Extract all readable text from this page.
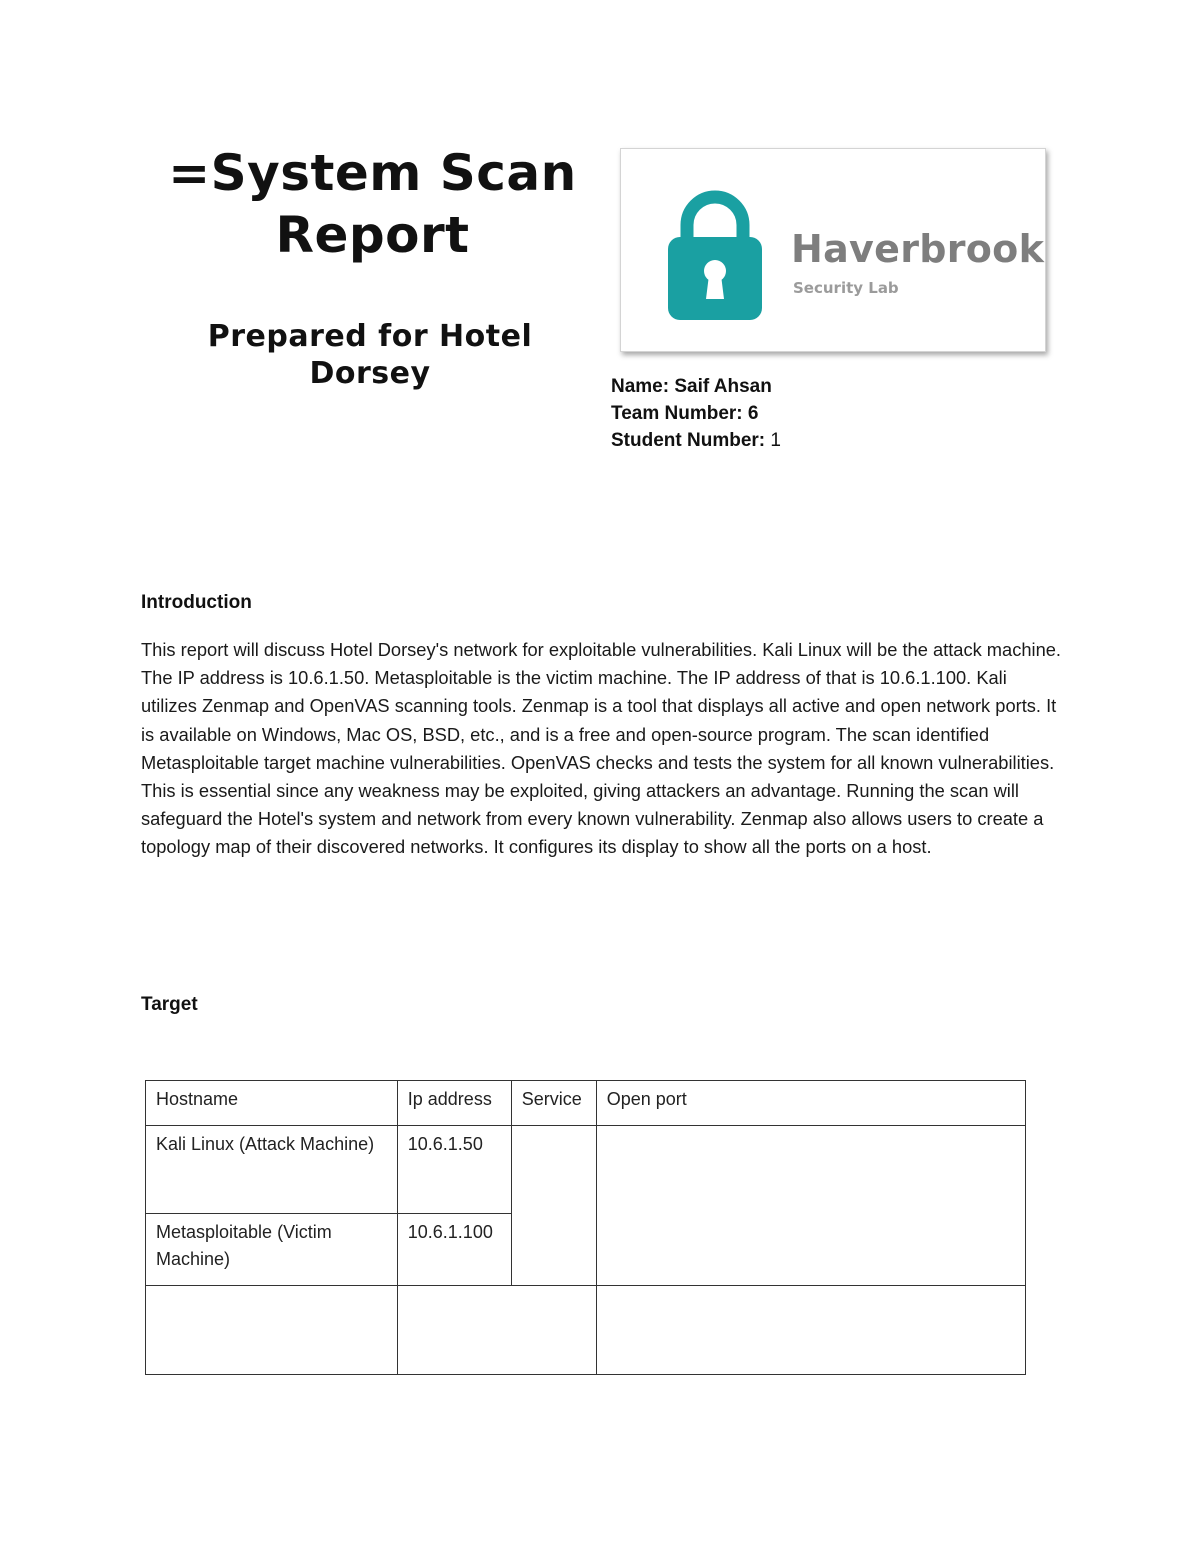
=System Scan
Report
Prepared for Hotel
Dorsey
Haverbrook
Security Lab
Name: Saif Ahsan
Team Number: 6
Student Number: 1
Introduction
This report will discuss Hotel Dorsey's network for exploitable vulnerabilities. Kali Linux will be the attack machine. The IP address is 10.6.1.50. Metasploitable is the victim machine. The IP address of that is 10.6.1.100. Kali utilizes Zenmap and OpenVAS scanning tools. Zenmap is a tool that displays all active and open network ports. It is available on Windows, Mac OS, BSD, etc., and is a free and open-source program. The scan identified Metasploitable target machine vulnerabilities. OpenVAS checks and tests the system for all known vulnerabilities. This is essential since any weakness may be exploited, giving attackers an advantage. Running the scan will safeguard the Hotel's system and network from every known vulnerability. Zenmap also allows users to create a topology map of their discovered networks. It configures its display to show all the ports on a host.
Target
Hostname	Ip address	Service	Open port
Kali Linux (Attack Machine)	10.6.1.50		
Metasploitable (Victim Machine)	10.6.1.100		
